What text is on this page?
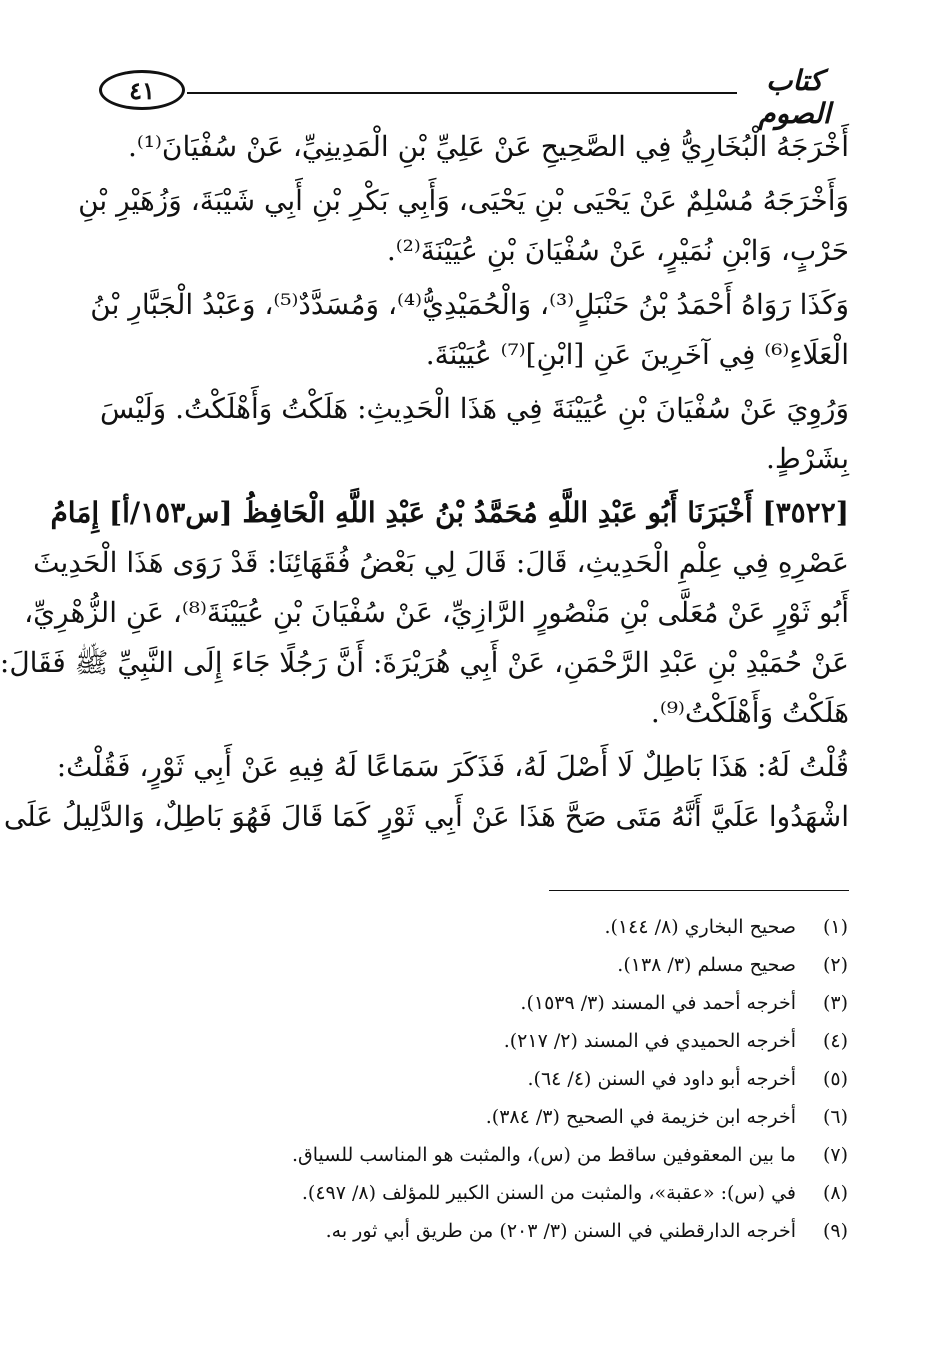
٤١	كتاب الصوم
أَخْرَجَهُ الْبُخَارِيُّ فِي الصَّحِيحِ عَنْ عَلِيِّ بْنِ الْمَدِينِيِّ، عَنْ سُفْيَانَ⁽¹⁾.
وَأَخْرَجَهُ مُسْلِمٌ عَنْ يَحْيَى بْنِ يَحْيَى، وَأَبِي بَكْرِ بْنِ أَبِي شَيْبَةَ، وَزُهَيْرِ بْنِ
حَرْبٍ، وَابْنِ نُمَيْرٍ، عَنْ سُفْيَانَ بْنِ عُيَيْنَةَ⁽²⁾.
وَكَذَا رَوَاهُ أَحْمَدُ بْنُ حَنْبَلٍ⁽³⁾، وَالْحُمَيْدِيُّ⁽⁴⁾، وَمُسَدَّدٌ⁽⁵⁾، وَعَبْدُ الْجَبَّارِ بْنُ
الْعَلَاءِ⁽⁶⁾ فِي آخَرِينَ عَنِ [ابْنِ]⁽⁷⁾ عُيَيْنَةَ.
وَرُوِيَ عَنْ سُفْيَانَ بْنِ عُيَيْنَةَ فِي هَذَا الْحَدِيثِ: هَلَكْتُ وَأَهْلَكْتُ. وَلَيْسَ
بِشَرْطٍ.
[٣٥٢٢] أَخْبَرَنَا أَبُو عَبْدِ اللَّهِ مُحَمَّدُ بْنُ عَبْدِ اللَّهِ الْحَافِظُ [س١٥٣/أ] إِمَامُ
عَصْرِهِ فِي عِلْمِ الْحَدِيثِ، قَالَ: قَالَ لِي بَعْضُ فُقَهَائِنَا: قَدْ رَوَى هَذَا الْحَدِيثَ
أَبُو ثَوْرٍ عَنْ مُعَلَّى بْنِ مَنْصُورٍ الرَّازِيِّ، عَنْ سُفْيَانَ بْنِ عُيَيْنَةَ⁽⁸⁾، عَنِ الزُّهْرِيِّ،
عَنْ حُمَيْدِ بْنِ عَبْدِ الرَّحْمَنِ، عَنْ أَبِي هُرَيْرَةَ: أَنَّ رَجُلًا جَاءَ إِلَى النَّبِيِّ ﷺ فَقَالَ:
هَلَكْتُ وَأَهْلَكْتُ⁽⁹⁾.
قُلْتُ لَهُ: هَذَا بَاطِلٌ لَا أَصْلَ لَهُ، فَذَكَرَ سَمَاعًا لَهُ فِيهِ عَنْ أَبِي ثَوْرٍ، فَقُلْتُ:
اشْهَدُوا عَلَيَّ أَنَّهُ مَتَى صَحَّ هَذَا عَنْ أَبِي ثَوْرٍ كَمَا قَالَ فَهُوَ بَاطِلٌ، وَالدَّلِيلُ عَلَى
(١)
صحيح البخاري (٨/ ١٤٤).
(٢)
صحيح مسلم (٣/ ١٣٨).
(٣)
أخرجه أحمد في المسند (٣/ ١٥٣٩).
(٤)
أخرجه الحميدي في المسند (٢/ ٢١٧).
(٥)
أخرجه أبو داود في السنن (٤/ ٦٤).
(٦)
أخرجه ابن خزيمة في الصحيح (٣/ ٣٨٤).
(٧)
ما بين المعقوفين ساقط من (س)، والمثبت هو المناسب للسياق.
(٨)
في (س): «عقبة»، والمثبت من السنن الكبير للمؤلف (٨/ ٤٩٧).
(٩)
أخرجه الدارقطني في السنن (٣/ ٢٠٣) من طريق أبي ثور به.
